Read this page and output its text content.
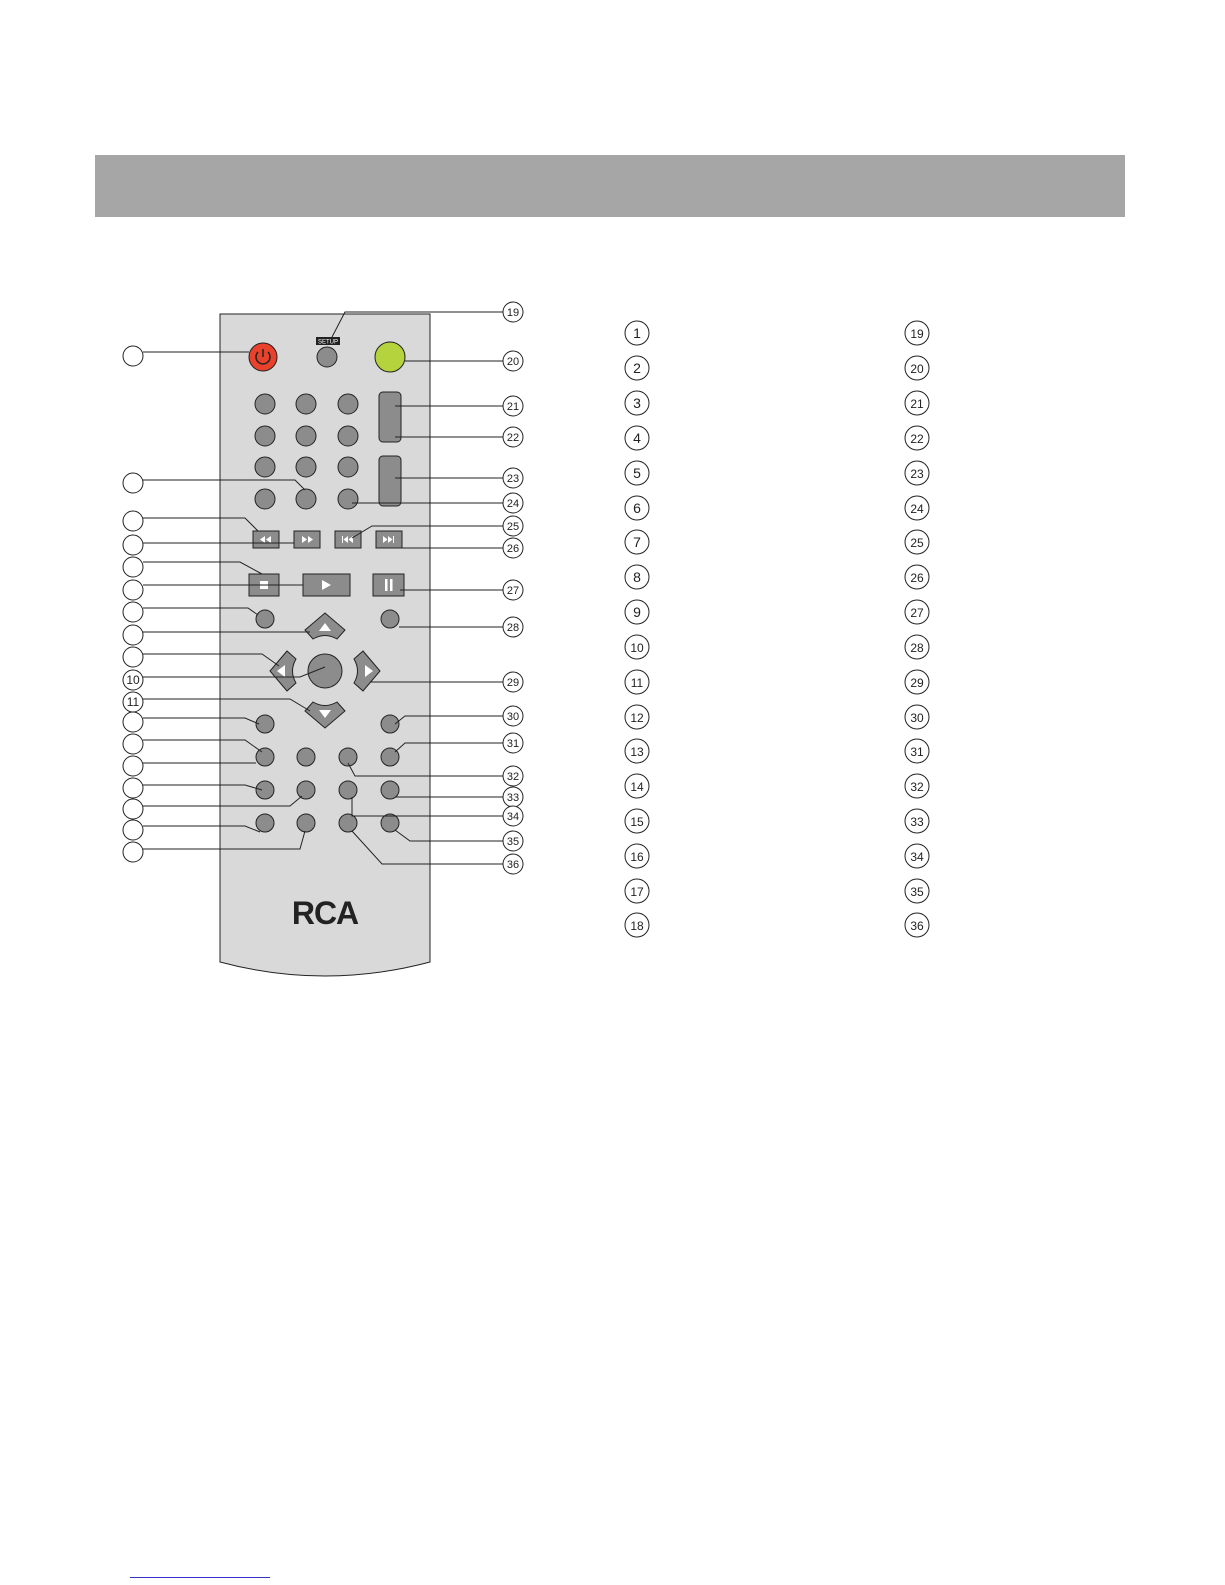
SETUP
RCA
10
11
19
20
21
22
23
24
25
26
27
28
29
30
31
32
33
34
35
36
1
2
3
4
5
6
7
8
9
10
11
12
13
14
15
16
17
18
19
20
21
22
23
24
25
26
27
28
29
30
31
32
33
34
35
36
